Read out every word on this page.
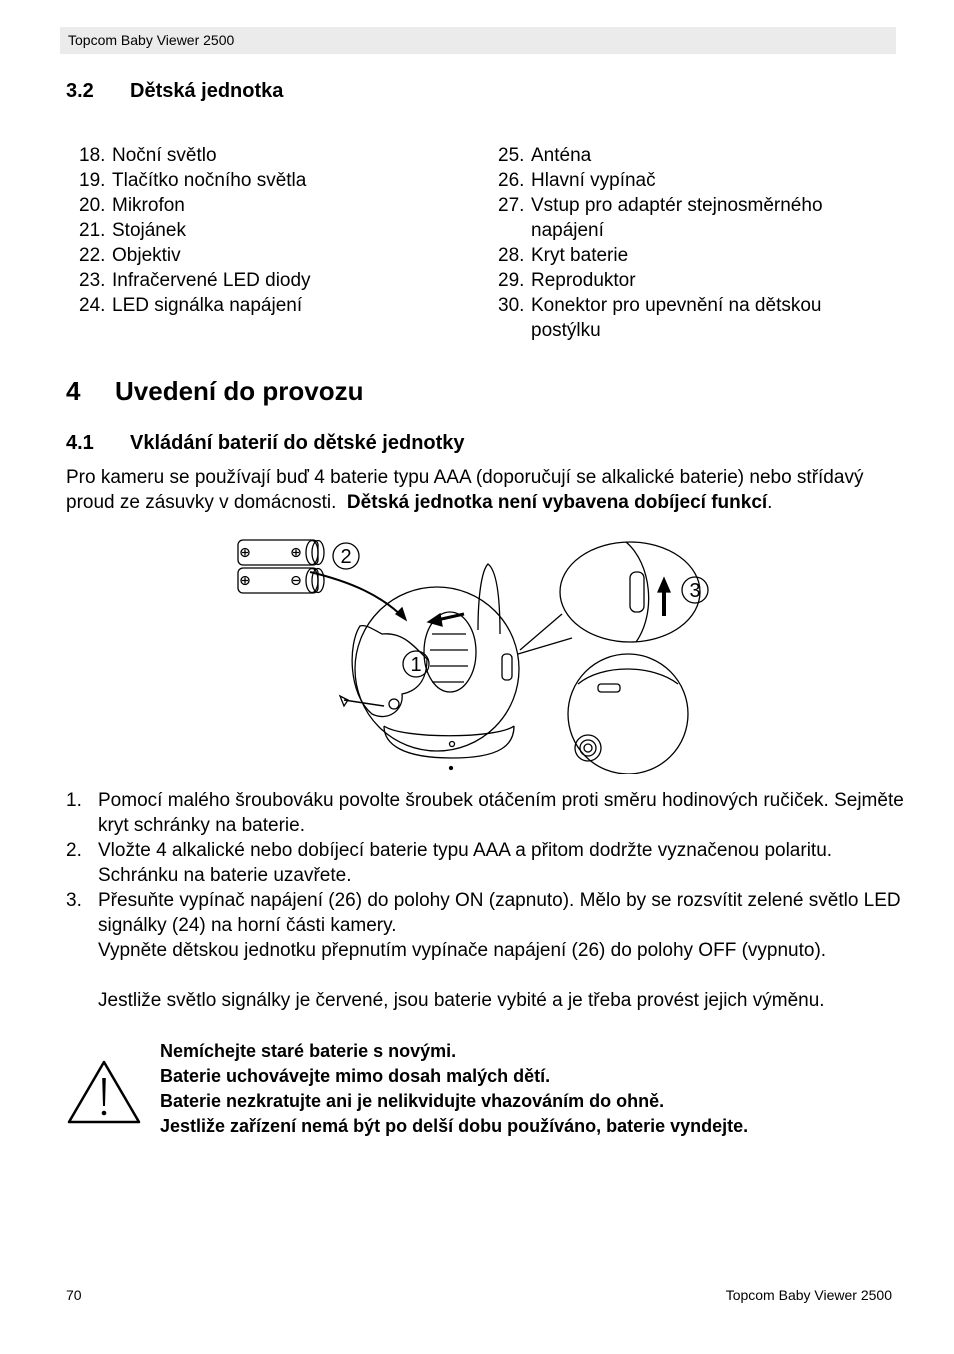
Topcom Baby Viewer 2500
3.2 Dětská jednotka
18. Noční světlo
19. Tlačítko nočního světla
20. Mikrofon
21. Stojánek
22. Objektiv
23. Infračervené LED diody
24. LED signálka napájení
25. Anténa
26. Hlavní vypínač
27. Vstup pro adaptér stejnosměrného napájení
28. Kryt baterie
29. Reproduktor
30. Konektor pro upevnění na dětskou postýlku
4 Uvedení do provozu
4.1 Vkládání baterií do dětské jednotky
Pro kameru se používají buď 4 baterie typu AAA (doporučují se alkalické baterie) nebo střídavý proud ze zásuvky v domácnosti. Dětská jednotka není vybavena dobíjecí funkcí.
2
1
3
1. Pomocí malého šroubováku povolte šroubek otáčením proti směru hodinových ručiček. Sejměte kryt schránky na baterie.
2. Vložte 4 alkalické nebo dobíjecí baterie typu AAA a přitom dodržte vyznačenou polaritu. Schránku na baterie uzavřete.
3. Přesuňte vypínač napájení (26) do polohy ON (zapnuto). Mělo by se rozsvítit zelené světlo LED signálky (24) na horní části kamery.
Vypněte dětskou jednotku přepnutím vypínače napájení (26) do polohy OFF (vypnuto).
Jestliže světlo signálky je červené, jsou baterie vybité a je třeba provést jejich výměnu.
Nemíchejte staré baterie s novými.
Baterie uchovávejte mimo dosah malých dětí.
Baterie nezkratujte ani je nelikvidujte vhazováním do ohně.
Jestliže zařízení nemá být po delší dobu používáno, baterie vyndejte.
70	Topcom Baby Viewer 2500
